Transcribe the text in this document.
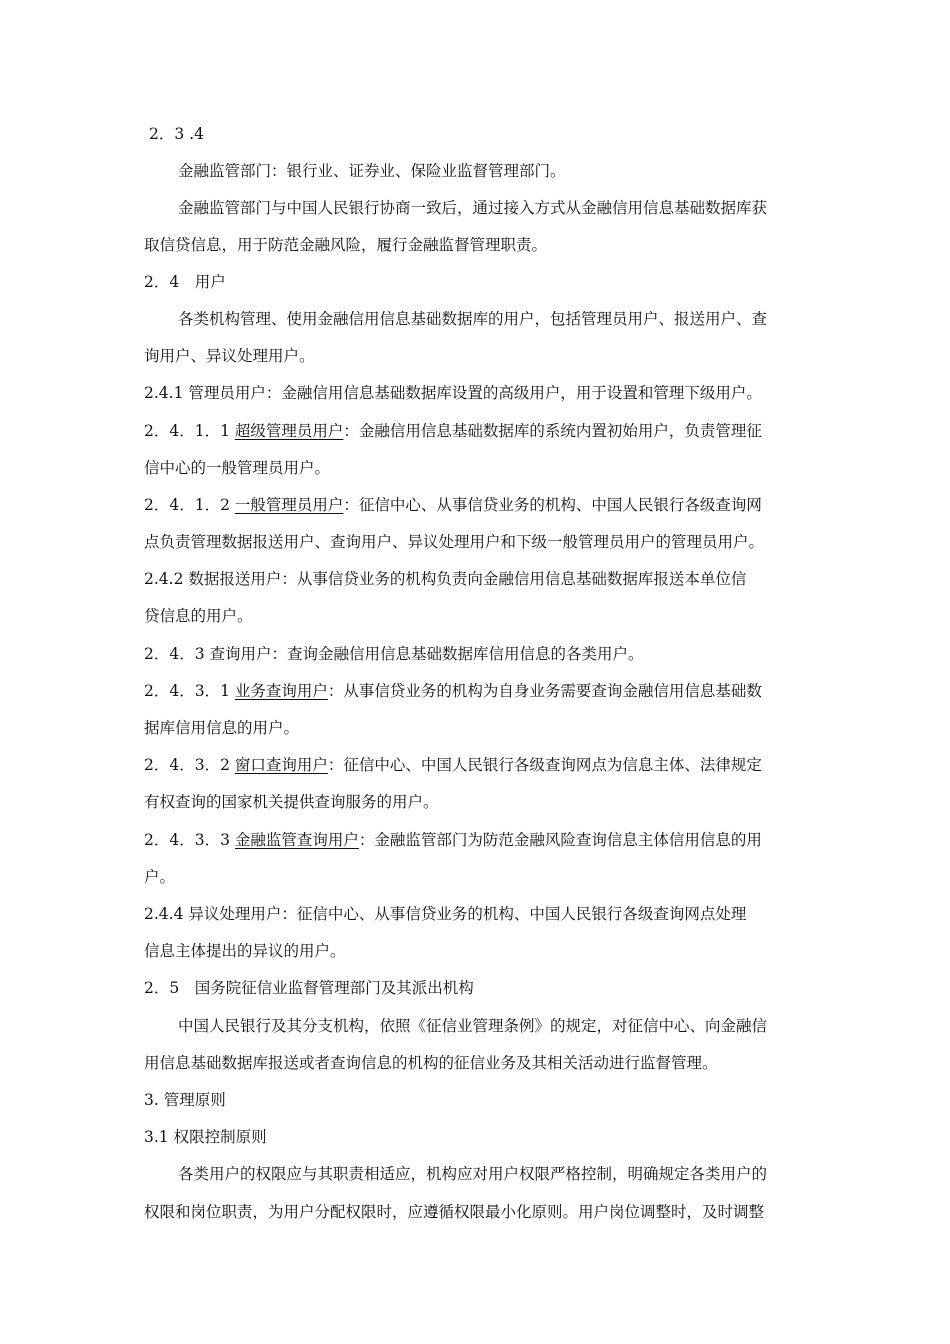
2．3 .4
金融监管部门：银行业、证券业、保险业监督管理部门。
金融监管部门与中国人民银行协商一致后，通过接入方式从金融信用信息基础数据库获
取信贷信息，用于防范金融风险，履行金融监督管理职责。
2．4　用户
各类机构管理、使用金融信用信息基础数据库的用户，包括管理员用户、报送用户、查
询用户、异议处理用户。
2.4.1 管理员用户：金融信用信息基础数据库设置的高级用户，用于设置和管理下级用户。
2．4．1．1 超级管理员用户：金融信用信息基础数据库的系统内置初始用户，负责管理征
信中心的一般管理员用户。
2．4．1．2 一般管理员用户：征信中心、从事信贷业务的机构、中国人民银行各级查询网
点负责管理数据报送用户、查询用户、异议处理用户和下级一般管理员用户的管理员用户。
2.4.2 数据报送用户：从事信贷业务的机构负责向金融信用信息基础数据库报送本单位信
贷信息的用户。
2．4．3 查询用户：查询金融信用信息基础数据库信用信息的各类用户。
2．4．3．1 业务查询用户：从事信贷业务的机构为自身业务需要查询金融信用信息基础数
据库信用信息的用户。
2．4．3．2 窗口查询用户：征信中心、中国人民银行各级查询网点为信息主体、法律规定
有权查询的国家机关提供查询服务的用户。
2．4．3．3 金融监管查询用户：金融监管部门为防范金融风险查询信息主体信用信息的用
户。
2.4.4 异议处理用户：征信中心、从事信贷业务的机构、中国人民银行各级查询网点处理
信息主体提出的异议的用户。
2．5　国务院征信业监督管理部门及其派出机构
中国人民银行及其分支机构，依照《征信业管理条例》的规定，对征信中心、向金融信
用信息基础数据库报送或者查询信息的机构的征信业务及其相关活动进行监督管理。
3. 管理原则
3.1 权限控制原则
各类用户的权限应与其职责相适应，机构应对用户权限严格控制，明确规定各类用户的
权限和岗位职责，为用户分配权限时，应遵循权限最小化原则。用户岗位调整时，及时调整
